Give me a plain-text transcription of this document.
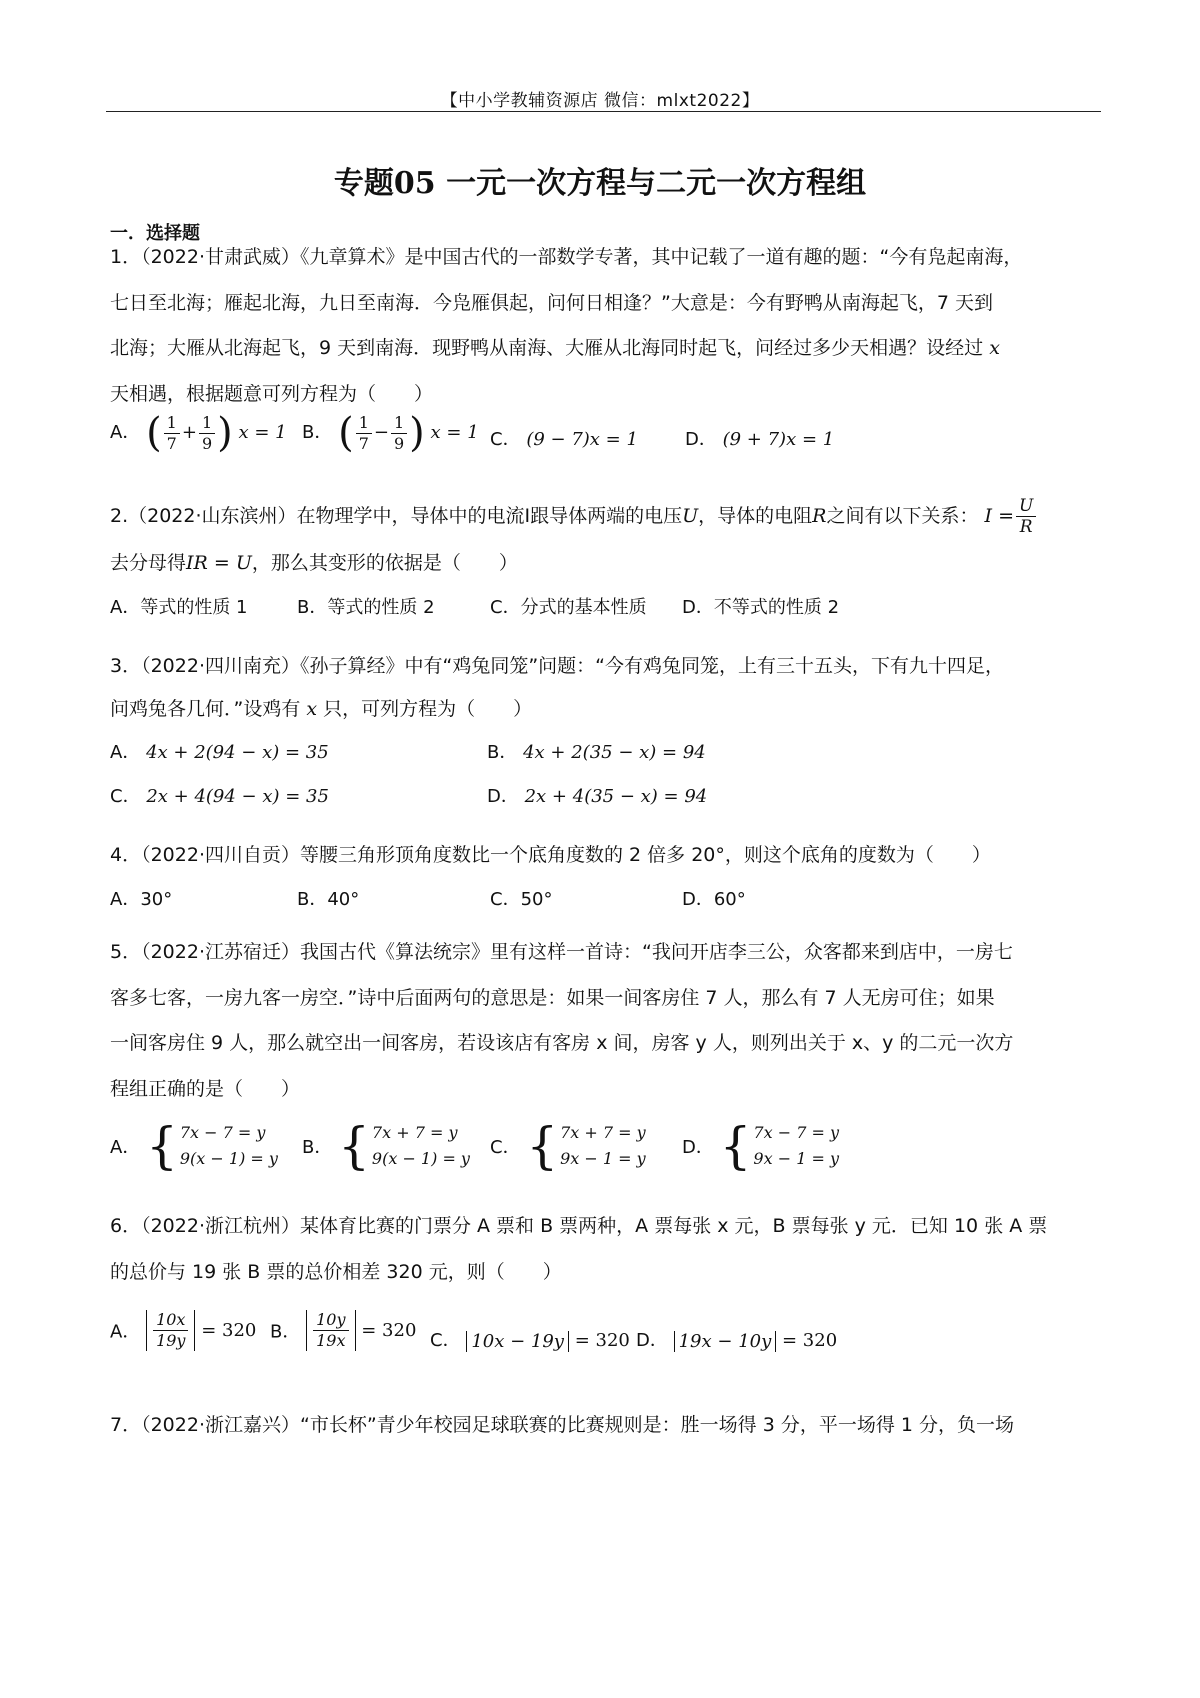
【中小学教辅资源店 微信：mlxt2022】
专题05 一元一次方程与二元一次方程组
一．选择题
1．（2022·甘肃武威）《九章算术》是中国古代的一部数学专著，其中记载了一道有趣的题：“今有凫起南海，
七日至北海；雁起北海，九日至南海．今凫雁俱起，问何日相逢？”大意是：今有野鸭从南海起飞，7 天到
北海；大雁从北海起飞，9 天到南海．现野鸭从南海、大雁从北海同时起飞，问经过多少天相遇？设经过 x
天相遇，根据题意可列方程为（　　）
A． ( $\frac{1}{7} + \frac{1}{9}$ ) x = 1 B． ( $\frac{1}{7} - \frac{1}{9}$ ) x = 1 C． (9 − 7)x = 1	D． (9 + 7)x = 1
2.（2022·山东滨州）在物理学中，导体中的电流Ⅰ跟导体两端的电压U，导体的电阻R之间有以下关系： $I = \frac{U}{R}$
去分母得IR = U，那么其变形的依据是（　　）
A．等式的性质 1	B．等式的性质 2	C．分式的基本性质 D．不等式的性质 2
3．（2022·四川南充）《孙子算经》中有“鸡兔同笼”问题：“今有鸡兔同笼，上有三十五头，下有九十四足，
问鸡兔各几何．”设鸡有 x 只，可列方程为（　　）
A． 4x + 2(94 − x) = 35	B． 4x + 2(35 − x) = 94
C． 2x + 4(94 − x) = 35	D． 2x + 4(35 − x) = 94
4．（2022·四川自贡）等腰三角形顶角度数比一个底角度数的 2 倍多 20°，则这个底角的度数为（　　）
A．30°	B．40°	C．50°	D．60°
5．（2022·江苏宿迁）我国古代《算法统宗》里有这样一首诗：“我问开店李三公，众客都来到店中，一房七
客多七客，一房九客一房空．”诗中后面两句的意思是：如果一间客房住 7 人，那么有 7 人无房可住；如果
一间客房住 9 人，那么就空出一间客房，若设该店有客房 x 间，房客 y 人，则列出关于 x、y 的二元一次方
程组正确的是（　　）
A． { 7x − 7 = y
9(x − 1) = y
B． { 7x + 7 = y
9(x − 1) = y
C． { 7x + 7 = y
9x − 1 = y
D． { 7x − 7 = y
9x − 1 = y
6．（2022·浙江杭州）某体育比赛的门票分 A 票和 B 票两种，A 票每张 x 元，B 票每张 y 元．已知 10 张 A 票
的总价与 19 张 B 票的总价相差 320 元，则（　　）
A． $\frac{10x}{19y} = 320$ B． $\frac{10y}{19x} = 320$ C． 10x − 19y = 320 D． 19x − 10y = 320
7．（2022·浙江嘉兴）“市长杯”青少年校园足球联赛的比赛规则是：胜一场得 3 分，平一场得 1 分，负一场
